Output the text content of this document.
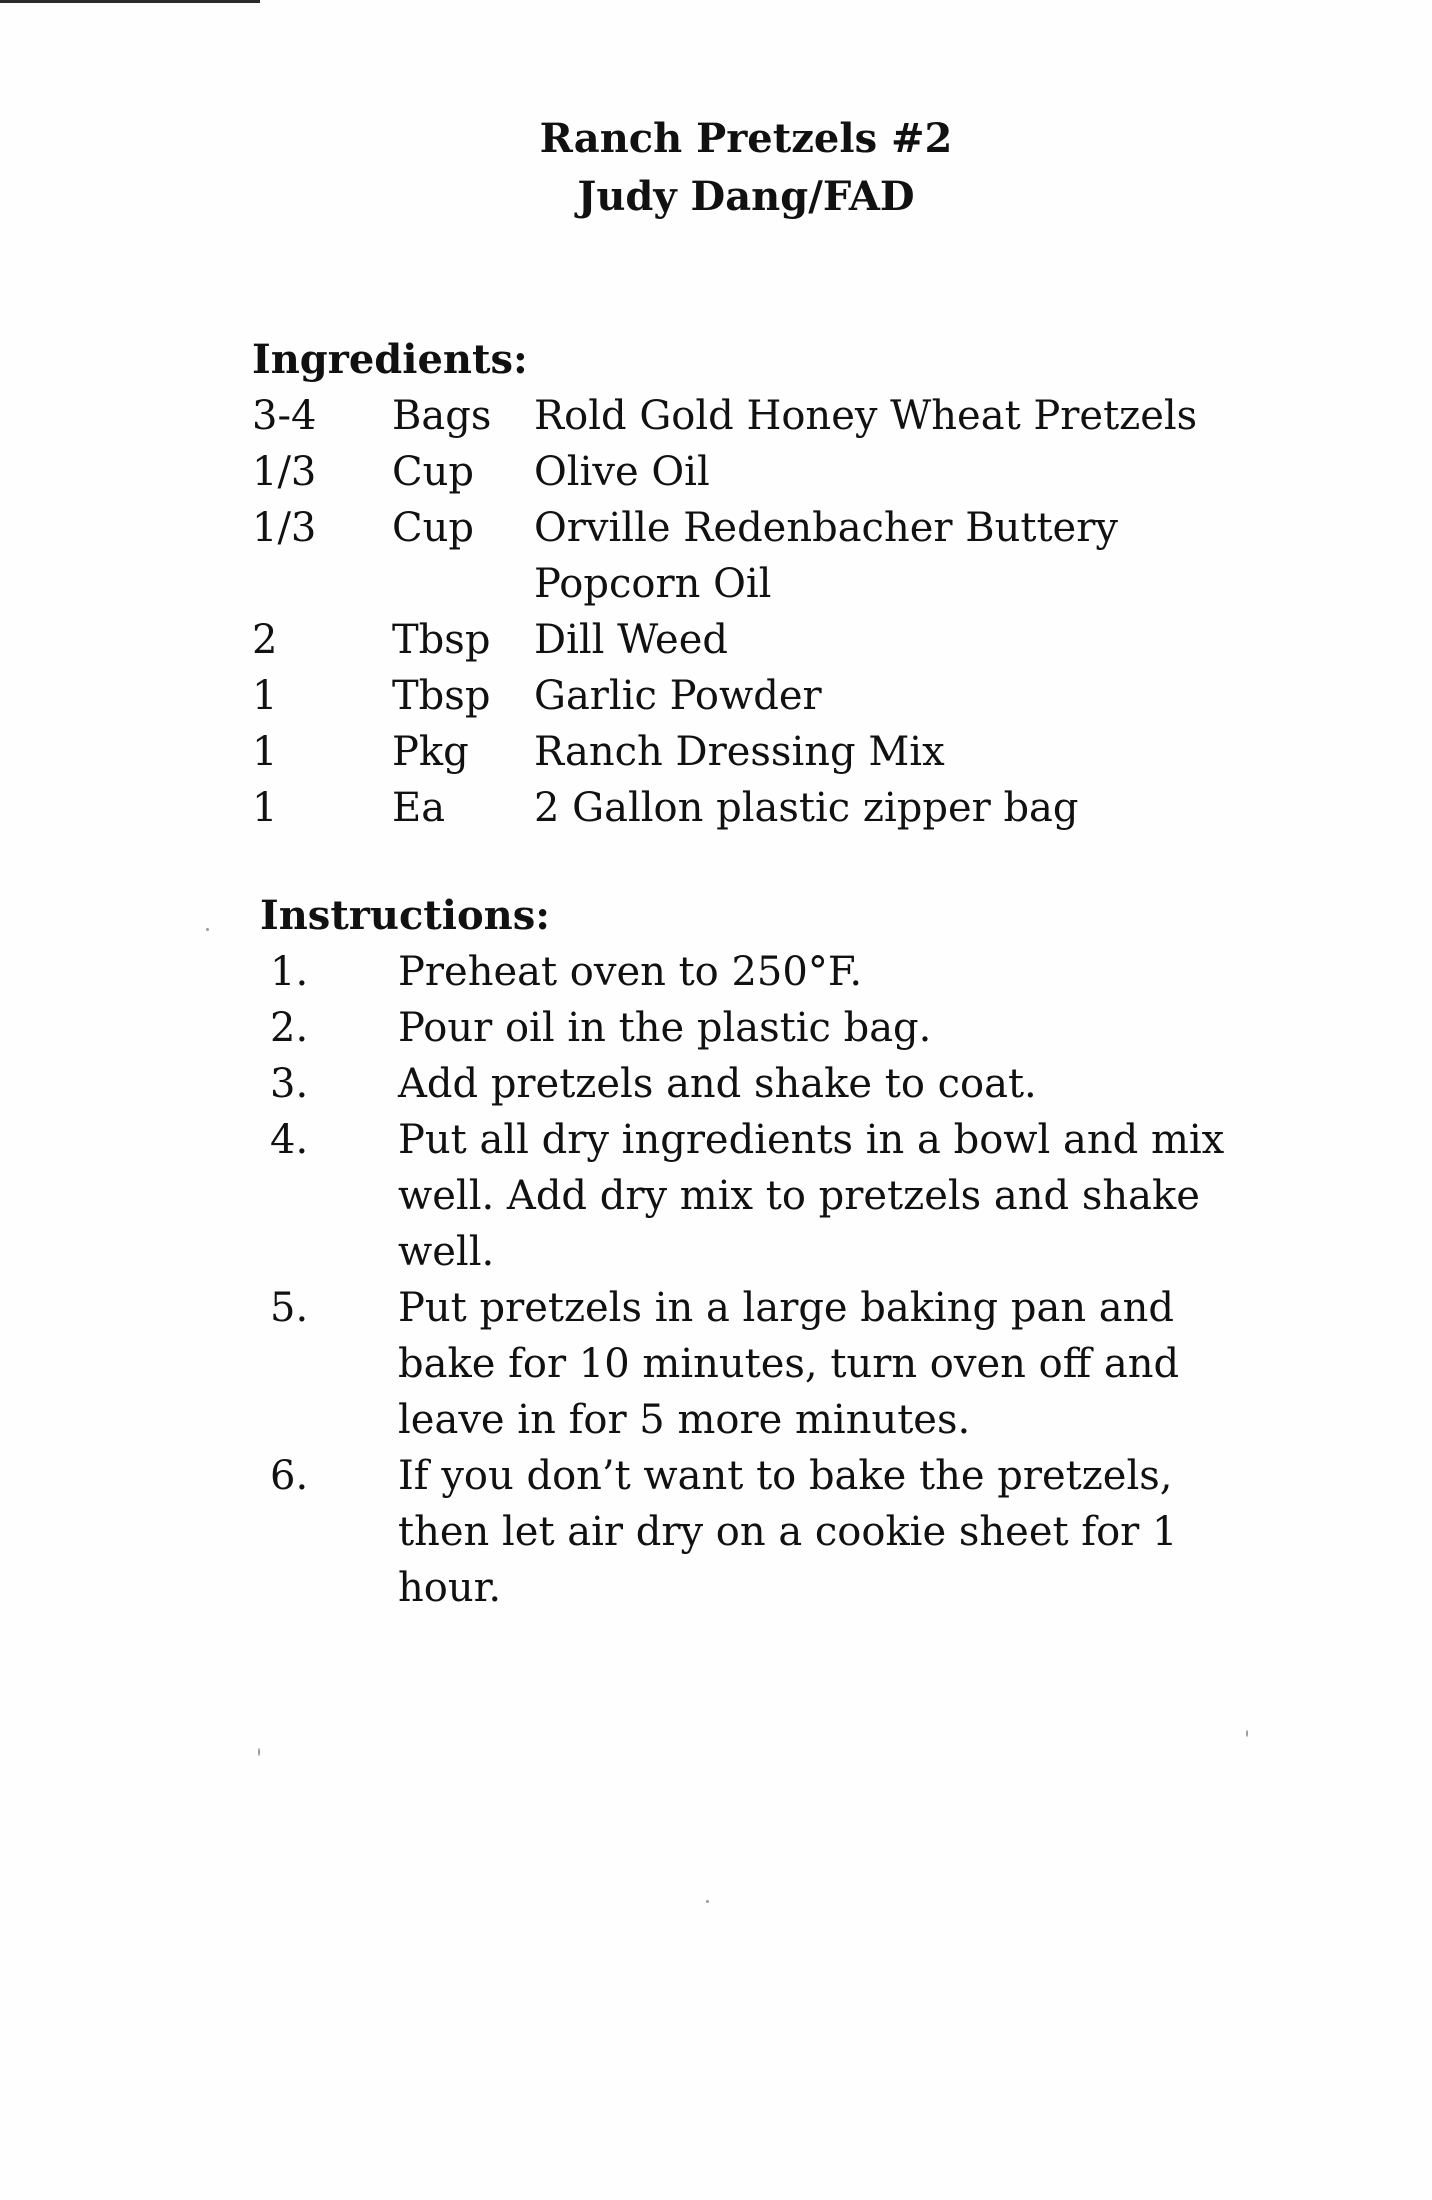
Ranch Pretzels #2
Judy Dang/FAD
Ingredients:
3-4	Bags	Rold Gold Honey Wheat Pretzels
1/3	Cup	Olive Oil
1/3	Cup	Orville Redenbacher Buttery Popcorn Oil
2	Tbsp	Dill Weed
1	Tbsp	Garlic Powder
1	Pkg	Ranch Dressing Mix
1	Ea	2 Gallon plastic zipper bag
Instructions:
1.	Preheat oven to 250°F.
2.	Pour oil in the plastic bag.
3.	Add pretzels and shake to coat.
4.	Put all dry ingredients in a bowl and mix well. Add dry mix to pretzels and shake well.
5.	Put pretzels in a large baking pan and bake for 10 minutes, turn oven off and leave in for 5 more minutes.
6.	If you don’t want to bake the pretzels, then let air dry on a cookie sheet for 1 hour.
